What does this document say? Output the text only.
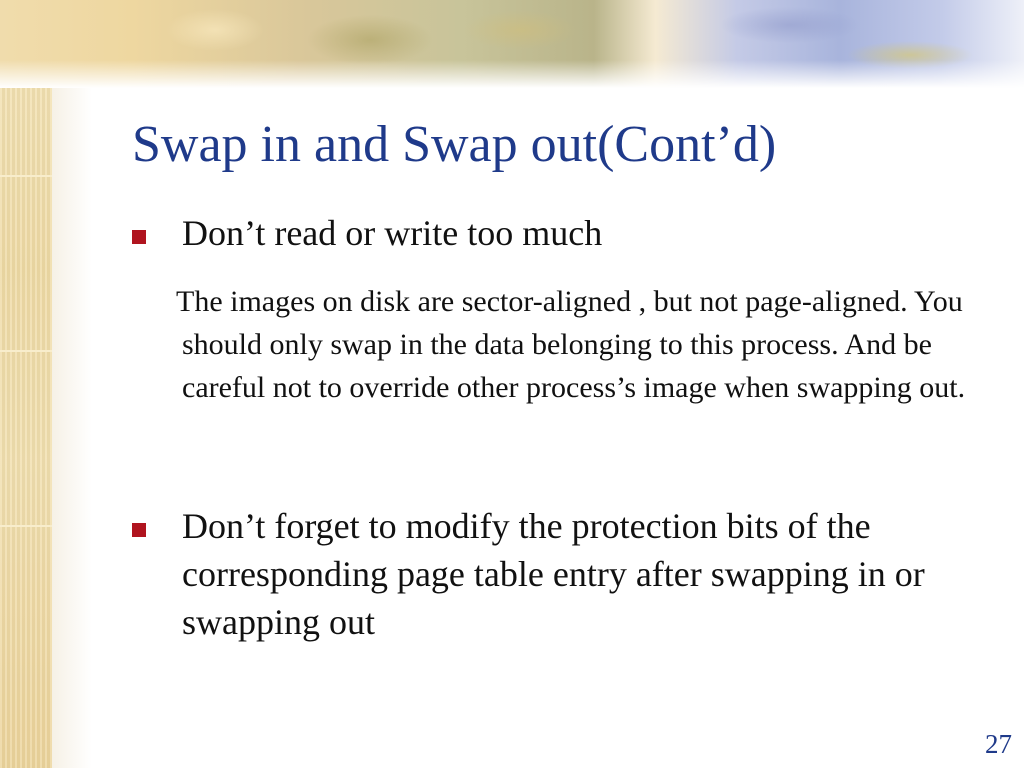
Swap in and Swap out(Cont’d)
Don’t read or write too much
The images on disk are sector-aligned , but not page-aligned. You should only swap in the data belonging to this process. And be careful not to override other process’s image when swapping out.
Don’t forget to modify the protection bits of the corresponding page table entry after swapping in or swapping out
27
